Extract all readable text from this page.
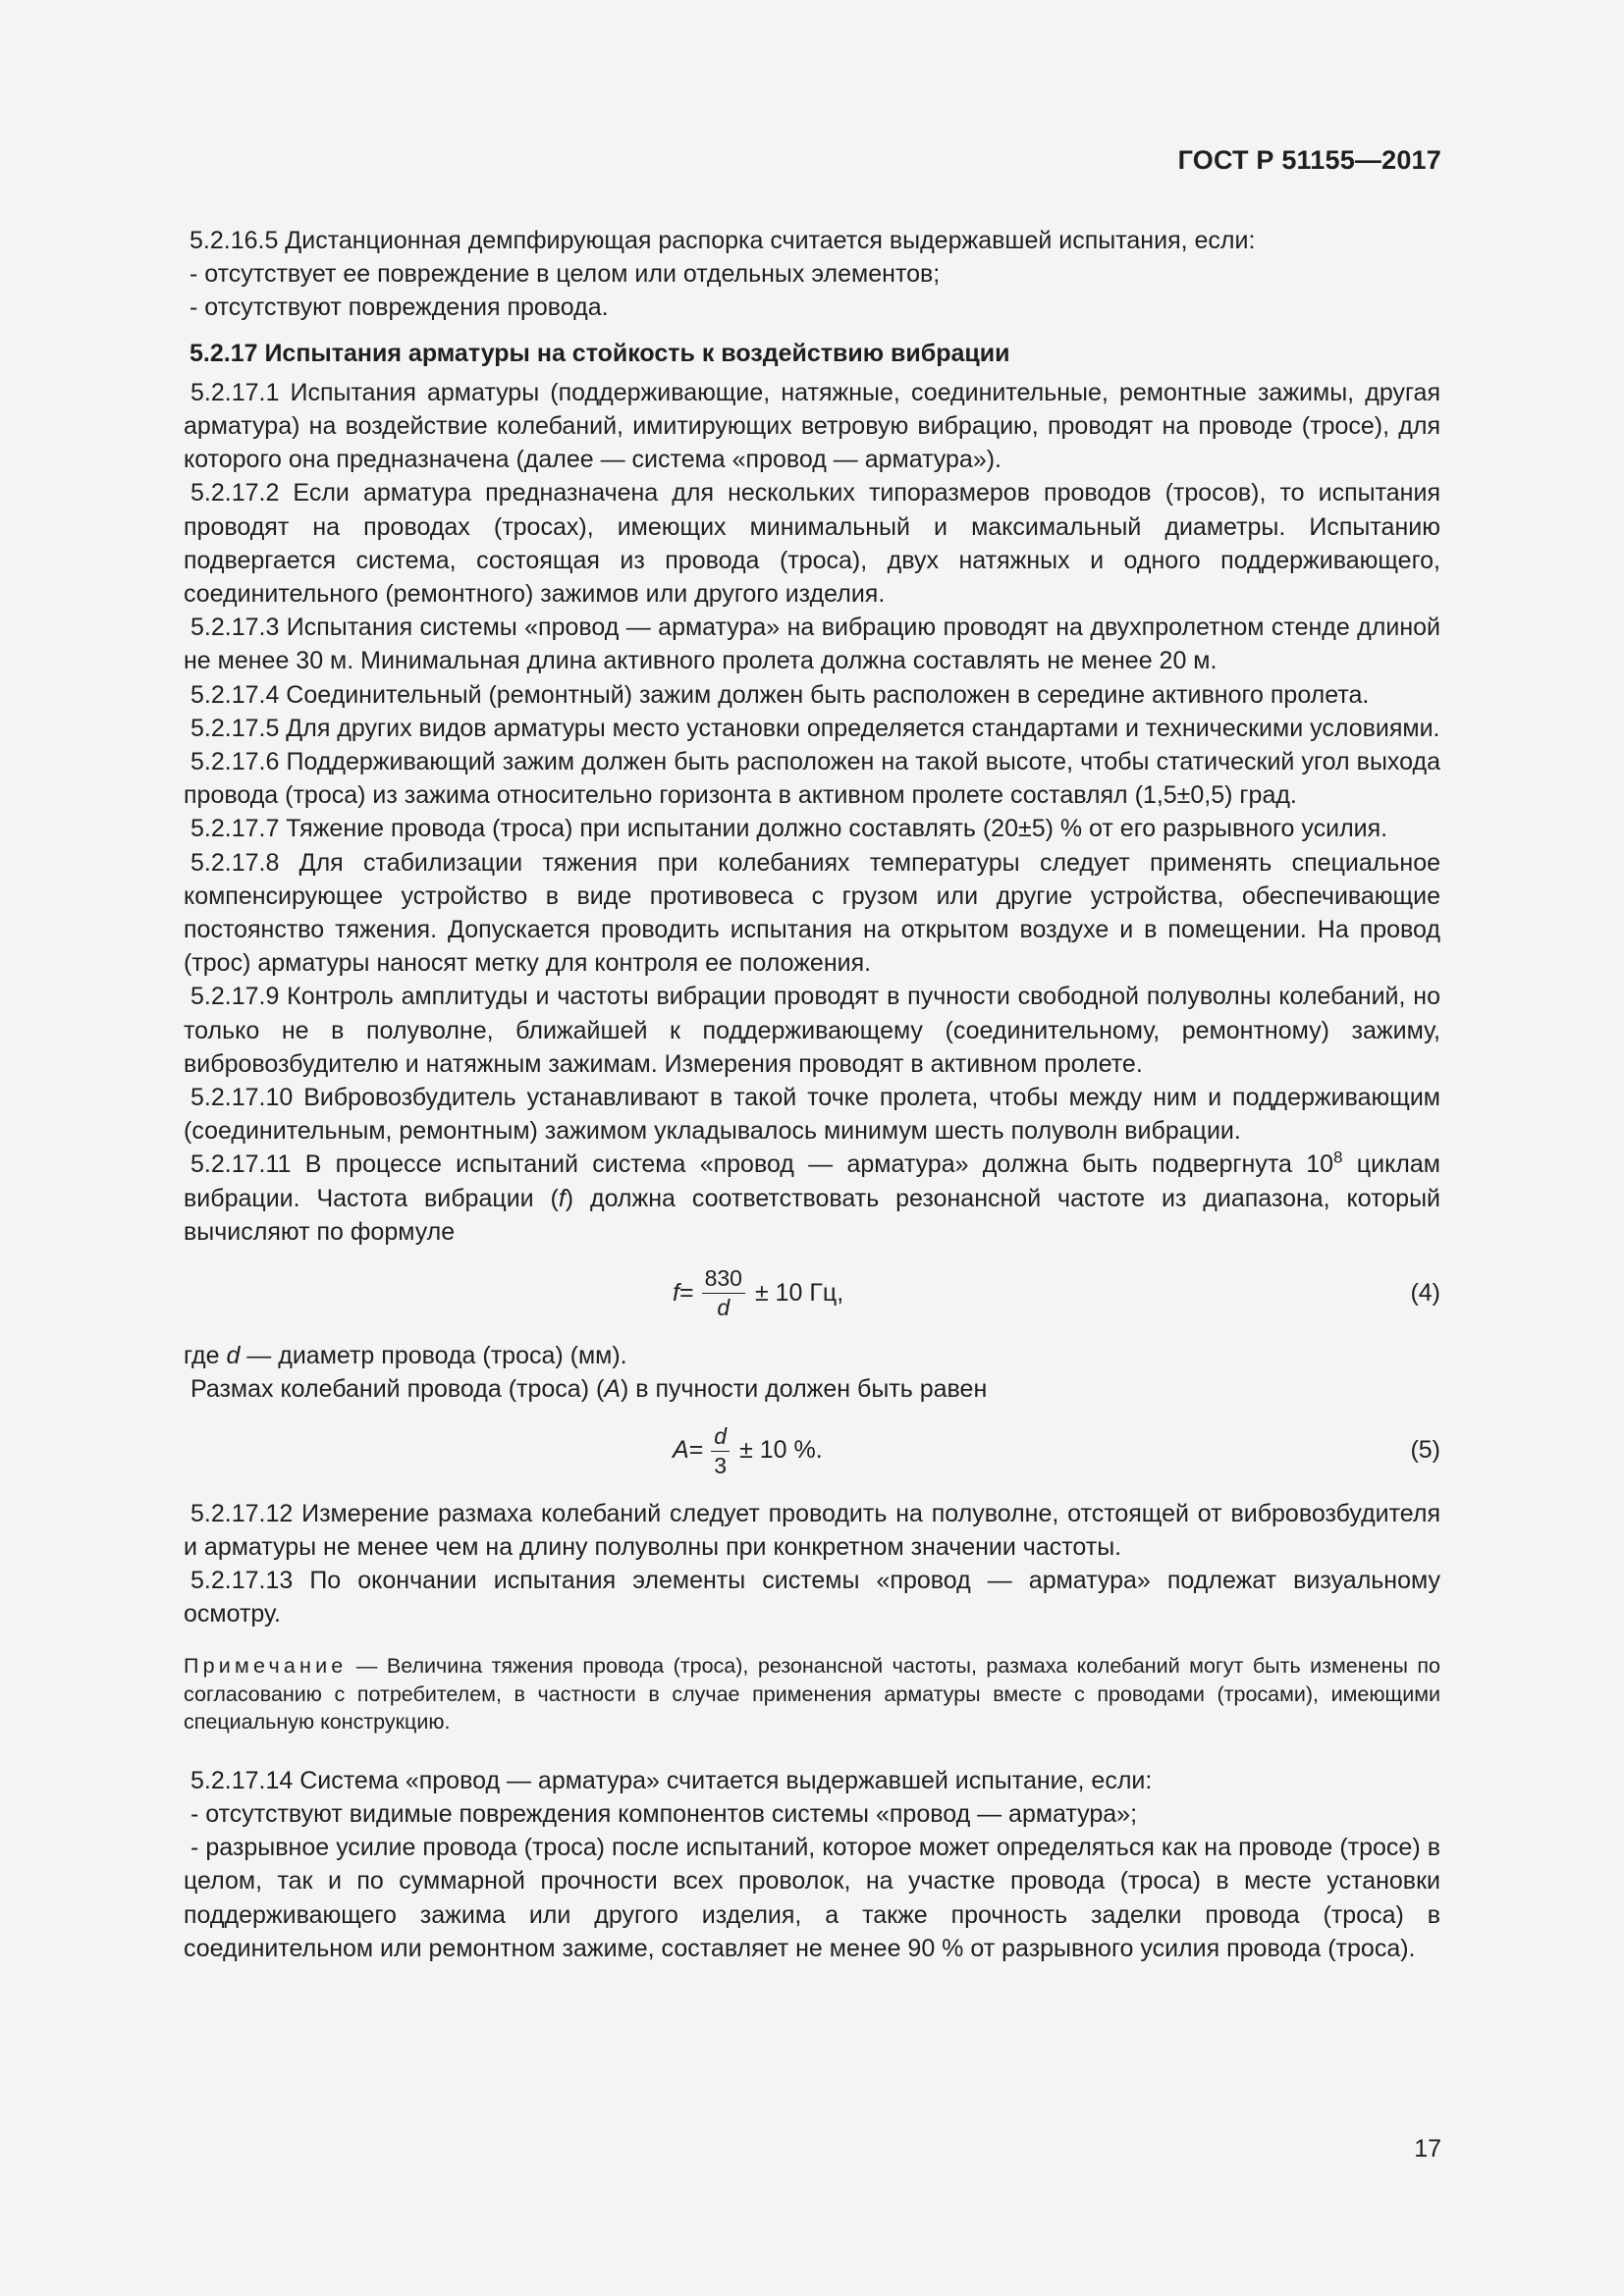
ГОСТ Р 51155—2017

5.2.16.5 Дистанционная демпфирующая распорка считается выдержавшей испытания, если:

- отсутствует ее повреждение в целом или отдельных элементов;

- отсутствуют повреждения провода.

5.2.17 Испытания арматуры на стойкость к воздействию вибрации

5.2.17.1 Испытания арматуры (поддерживающие, натяжные, соединительные, ремонтные зажимы, другая арматура) на воздействие колебаний, имитирующих ветровую вибрацию, проводят на проводе (тросе), для которого она предназначена (далее — система «провод — арматура»).

5.2.17.2 Если арматура предназначена для нескольких типоразмеров проводов (тросов), то испытания проводят на проводах (тросах), имеющих минимальный и максимальный диаметры. Испытанию подвергается система, состоящая из провода (троса), двух натяжных и одного поддерживающего, соединительного (ремонтного) зажимов или другого изделия.

5.2.17.3 Испытания системы «провод — арматура» на вибрацию проводят на двухпролетном стенде длиной не менее 30 м. Минимальная длина активного пролета должна составлять не менее 20 м.

5.2.17.4 Соединительный (ремонтный) зажим должен быть расположен в середине активного пролета.

5.2.17.5 Для других видов арматуры место установки определяется стандартами и техническими условиями.

5.2.17.6 Поддерживающий зажим должен быть расположен на такой высоте, чтобы статический угол выхода провода (троса) из зажима относительно горизонта в активном пролете составлял (1,5±0,5) град.

5.2.17.7 Тяжение провода (троса) при испытании должно составлять (20±5) % от его разрывного усилия.

5.2.17.8 Для стабилизации тяжения при колебаниях температуры следует применять специальное компенсирующее устройство в виде противовеса с грузом или другие устройства, обеспечивающие постоянство тяжения. Допускается проводить испытания на открытом воздухе и в помещении. На провод (трос) арматуры наносят метку для контроля ее положения.

5.2.17.9 Контроль амплитуды и частоты вибрации проводят в пучности свободной полуволны колебаний, но только не в полуволне, ближайшей к поддерживающему (соединительному, ремонтному) зажиму, вибровозбудителю и натяжным зажимам. Измерения проводят в активном пролете.

5.2.17.10 Вибровозбудитель устанавливают в такой точке пролета, чтобы между ним и поддерживающим (соединительным, ремонтным) зажимом укладывалось минимум шесть полуволн вибрации.

5.2.17.11 В процессе испытаний система «провод — арматура» должна быть подвергнута $10^8$ циклам вибрации. Частота вибрации (f) должна соответствовать резонансной частоте из диапазона, который вычисляют по формуле

$f = \frac{830}{d} \pm 10$ Гц,	(4)

где d — диаметр провода (троса) (мм).

Размах колебаний провода (троса) (A) в пучности должен быть равен

$A = \frac{d}{3} \pm 10$ %.	(5)

5.2.17.12 Измерение размаха колебаний следует проводить на полуволне, отстоящей от вибровозбудителя и арматуры не менее чем на длину полуволны при конкретном значении частоты.

5.2.17.13 По окончании испытания элементы системы «провод — арматура» подлежат визуальному осмотру.

Примечание — Величина тяжения провода (троса), резонансной частоты, размаха колебаний могут быть изменены по согласованию с потребителем, в частности в случае применения арматуры вместе с проводами (тросами), имеющими специальную конструкцию.

5.2.17.14 Система «провод — арматура» считается выдержавшей испытание, если:

- отсутствуют видимые повреждения компонентов системы «провод — арматура»;

- разрывное усилие провода (троса) после испытаний, которое может определяться как на проводе (тросе) в целом, так и по суммарной прочности всех проволок, на участке провода (троса) в месте установки поддерживающего зажима или другого изделия, а также прочность заделки провода (троса) в соединительном или ремонтном зажиме, составляет не менее 90 % от разрывного усилия провода (троса).

17
